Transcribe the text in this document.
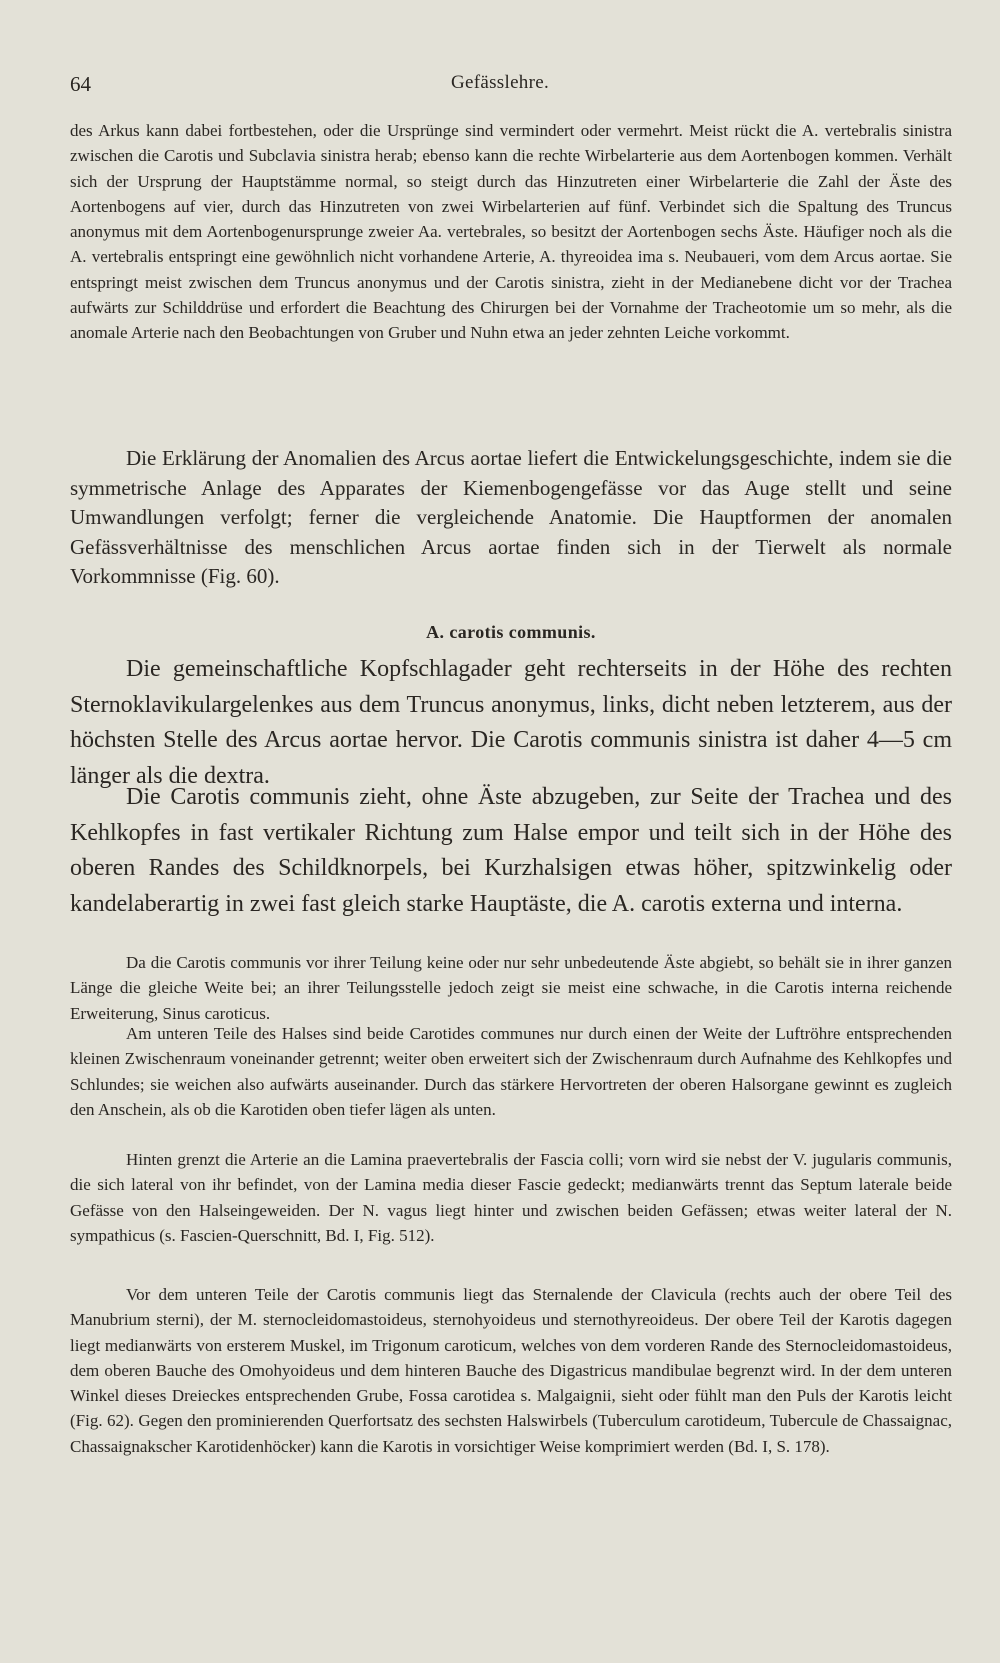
64	Gefässlehre.

des Arkus kann dabei fortbestehen, oder die Ursprünge sind vermindert oder vermehrt. Meist rückt die A. vertebralis sinistra zwischen die Carotis und Subclavia sinistra herab; ebenso kann die rechte Wirbelarterie aus dem Aortenbogen kommen. Verhält sich der Ursprung der Hauptstämme normal, so steigt durch das Hinzutreten einer Wirbelarterie die Zahl der Äste des Aortenbogens auf vier, durch das Hinzutreten von zwei Wirbelarterien auf fünf. Verbindet sich die Spaltung des Truncus anonymus mit dem Aortenbogenursprunge zweier Aa. vertebrales, so besitzt der Aortenbogen sechs Äste. Häufiger noch als die A. vertebralis entspringt eine gewöhnlich nicht vorhandene Arterie, A. thyreoidea ima s. Neubaueri, vom dem Arcus aortae. Sie entspringt meist zwischen dem Truncus anonymus und der Carotis sinistra, zieht in der Medianebene dicht vor der Trachea aufwärts zur Schilddrüse und erfordert die Beachtung des Chirurgen bei der Vornahme der Tracheotomie um so mehr, als die anomale Arterie nach den Beobachtungen von Gruber und Nuhn etwa an jeder zehnten Leiche vorkommt.

Die Erklärung der Anomalien des Arcus aortae liefert die Entwickelungsgeschichte, indem sie die symmetrische Anlage des Apparates der Kiemenbogengefässe vor das Auge stellt und seine Umwandlungen verfolgt; ferner die vergleichende Anatomie. Die Hauptformen der anomalen Gefässverhältnisse des menschlichen Arcus aortae finden sich in der Tierwelt als normale Vorkommnisse (Fig. 60).

A. carotis communis.

Die gemeinschaftliche Kopfschlagader geht rechterseits in der Höhe des rechten Sternoklavikulargelenkes aus dem Truncus anonymus, links, dicht neben letzterem, aus der höchsten Stelle des Arcus aortae hervor. Die Carotis communis sinistra ist daher 4—5 cm länger als die dextra.

Die Carotis communis zieht, ohne Äste abzugeben, zur Seite der Trachea und des Kehlkopfes in fast vertikaler Richtung zum Halse empor und teilt sich in der Höhe des oberen Randes des Schildknorpels, bei Kurzhalsigen etwas höher, spitzwinkelig oder kandelaberartig in zwei fast gleich starke Hauptäste, die A. carotis externa und interna.

Da die Carotis communis vor ihrer Teilung keine oder nur sehr unbedeutende Äste abgiebt, so behält sie in ihrer ganzen Länge die gleiche Weite bei; an ihrer Teilungsstelle jedoch zeigt sie meist eine schwache, in die Carotis interna reichende Erweiterung, Sinus caroticus.

Am unteren Teile des Halses sind beide Carotides communes nur durch einen der Weite der Luftröhre entsprechenden kleinen Zwischenraum voneinander getrennt; weiter oben erweitert sich der Zwischenraum durch Aufnahme des Kehlkopfes und Schlundes; sie weichen also aufwärts auseinander. Durch das stärkere Hervortreten der oberen Halsorgane gewinnt es zugleich den Anschein, als ob die Karotiden oben tiefer lägen als unten.

Hinten grenzt die Arterie an die Lamina praevertebralis der Fascia colli; vorn wird sie nebst der V. jugularis communis, die sich lateral von ihr befindet, von der Lamina media dieser Fascie gedeckt; medianwärts trennt das Septum laterale beide Gefässe von den Halseingeweiden. Der N. vagus liegt hinter und zwischen beiden Gefässen; etwas weiter lateral der N. sympathicus (s. Fascien-Querschnitt, Bd. I, Fig. 512).

Vor dem unteren Teile der Carotis communis liegt das Sternalende der Clavicula (rechts auch der obere Teil des Manubrium sterni), der M. sternocleidomastoideus, sternohyoideus und sternothyreoideus. Der obere Teil der Karotis dagegen liegt medianwärts von ersterem Muskel, im Trigonum caroticum, welches von dem vorderen Rande des Sternocleidomastoideus, dem oberen Bauche des Omohyoideus und dem hinteren Bauche des Digastricus mandibulae begrenzt wird. In der dem unteren Winkel dieses Dreieckes entsprechenden Grube, Fossa carotidea s. Malgaignii, sieht oder fühlt man den Puls der Karotis leicht (Fig. 62). Gegen den prominierenden Querfortsatz des sechsten Halswirbels (Tuberculum carotideum, Tubercule de Chassaignac, Chassaignakscher Karotidenhöcker) kann die Karotis in vorsichtiger Weise komprimiert werden (Bd. I, S. 178).
